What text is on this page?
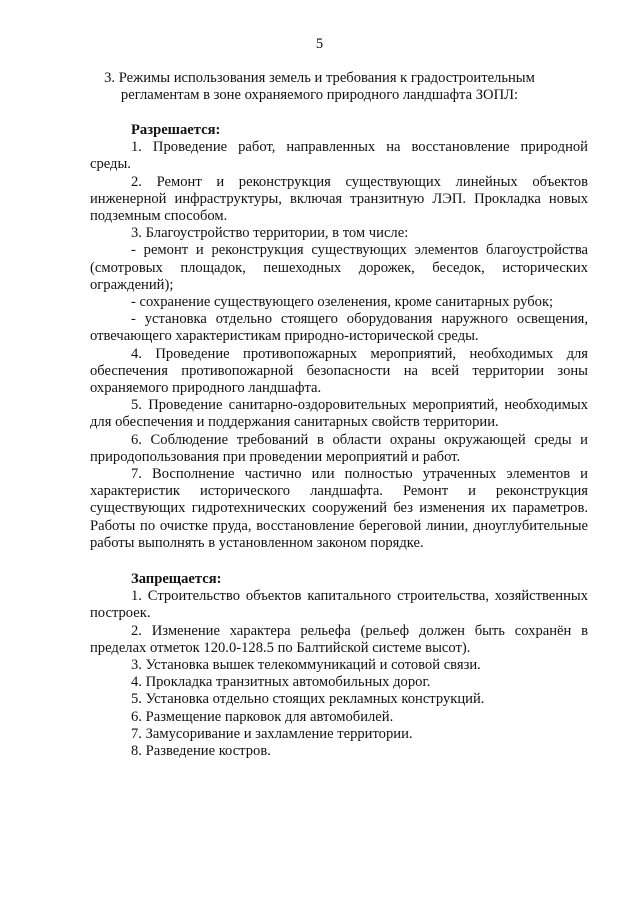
5
3. Режимы использования земель и требования к градостроительным
регламентам в зоне охраняемого природного ландшафта ЗОПЛ:

Разрешается:

1. Проведение работ, направленных на восстановление природной среды.

2. Ремонт и реконструкция существующих линейных объектов инженерной инфраструктуры, включая транзитную ЛЭП. Прокладка новых подземным способом.

3. Благоустройство территории, в том числе:

- ремонт и реконструкция существующих элементов благоустройства (смотровых площадок, пешеходных дорожек, беседок, исторических ограждений);

- сохранение существующего озеленения, кроме санитарных рубок;

- установка отдельно стоящего оборудования наружного освещения, отвечающего характеристикам природно-исторической среды.

4. Проведение противопожарных мероприятий, необходимых для обеспечения противопожарной безопасности на всей территории зоны охраняемого природного ландшафта.

5. Проведение санитарно-оздоровительных мероприятий, необходимых для обеспечения и поддержания санитарных свойств территории.

6. Соблюдение требований в области охраны окружающей среды и природопользования при проведении мероприятий и работ.

7. Восполнение частично или полностью утраченных элементов и характеристик исторического ландшафта. Ремонт и реконструкция существующих гидротехнических сооружений без изменения их параметров. Работы по очистке пруда, восстановление береговой линии, дноуглубительные работы выполнять в установленном законом порядке.

Запрещается:

1. Строительство объектов капитального строительства, хозяйственных построек.

2. Изменение характера рельефа (рельеф должен быть сохранён в пределах отметок 120.0-128.5 по Балтийской системе высот).

3. Установка вышек телекоммуникаций и сотовой связи.

4. Прокладка транзитных автомобильных дорог.

5. Установка отдельно стоящих рекламных конструкций.

6. Размещение парковок для автомобилей.

7. Замусоривание и захламление территории.

8. Разведение костров.
